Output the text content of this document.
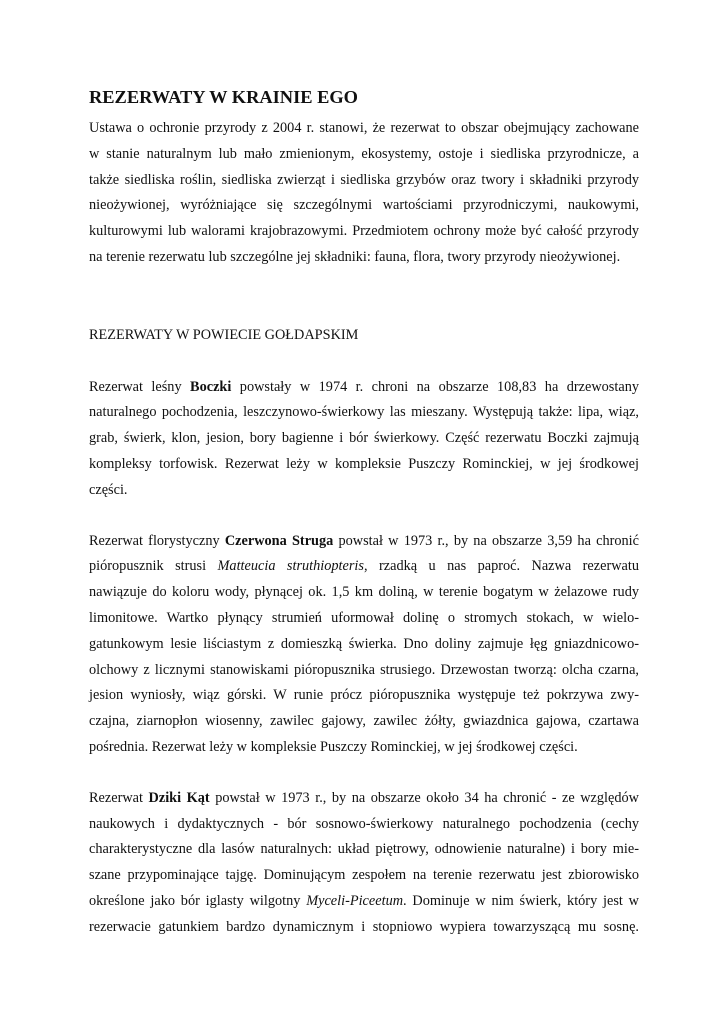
REZERWATY W KRAINIE EGO

Ustawa o ochronie przyrody z 2004 r. stanowi, że rezerwat to obszar obejmujący zachowane
w stanie naturalnym lub mało zmienionym, ekosystemy, ostoje i siedliska przyrodnicze, a
także siedliska roślin, siedliska zwierząt i siedliska grzybów oraz twory i składniki przyrody
nieożywionej, wyróżniające się szczególnymi wartościami przyrodniczymi, naukowymi,
kulturowymi lub walorami krajobrazowymi. Przedmiotem ochrony może być całość przyrody
na terenie rezerwatu lub szczególne jej składniki: fauna, flora, twory przyrody nieożywionej.

REZERWATY W POWIECIE GOŁDAPSKIM

Rezerwat leśny Boczki powstały w 1974 r. chroni na obszarze 108,83 ha drzewostany
naturalnego pochodzenia, leszczynowo-świerkowy las mieszany. Występują także: lipa, wiąz,
grab, świerk, klon, jesion, bory bagienne i bór świerkowy. Część rezerwatu Boczki zajmują
kompleksy torfowisk. Rezerwat leży w kompleksie Puszczy Rominckiej, w jej środkowej
części.

Rezerwat florystyczny Czerwona Struga powstał w 1973 r., by na obszarze 3,59 ha chronić
pióropusznik strusi Matteucia struthiopteris, rzadką u nas paproć. Nazwa rezerwatu
nawiązuje do koloru wody, płynącej ok. 1,5 km doliną, w terenie bogatym w żelazowe rudy
limonitowe. Wartko płynący strumień uformował dolinę o stromych stokach, w wielo-
gatunkowym lesie liściastym z domieszką świerka. Dno doliny zajmuje łęg gniazdnicowo-
olchowy z licznymi stanowiskami pióropusznika strusiego. Drzewostan tworzą: olcha czarna,
jesion wyniosły, wiąz górski. W runie prócz pióropusznika występuje też pokrzywa zwy-
czajna, ziarnopłon wiosenny, zawilec gajowy, zawilec żółty, gwiazdnica gajowa, czartawa
pośrednia. Rezerwat leży w kompleksie Puszczy Rominckiej, w jej środkowej części.

Rezerwat Dziki Kąt powstał w 1973 r., by na obszarze około 34 ha chronić - ze względów
naukowych i dydaktycznych - bór sosnowo-świerkowy naturalnego pochodzenia (cechy
charakterystyczne dla lasów naturalnych: układ piętrowy, odnowienie naturalne) i bory mie-
szane przypominające tajgę. Dominującym zespołem na terenie rezerwatu jest zbiorowisko
określone jako bór iglasty wilgotny Myceli-Piceetum. Dominuje w nim świerk, który jest w
rezerwacie gatunkiem bardzo dynamicznym i stopniowo wypiera towarzyszącą mu sosnę.
